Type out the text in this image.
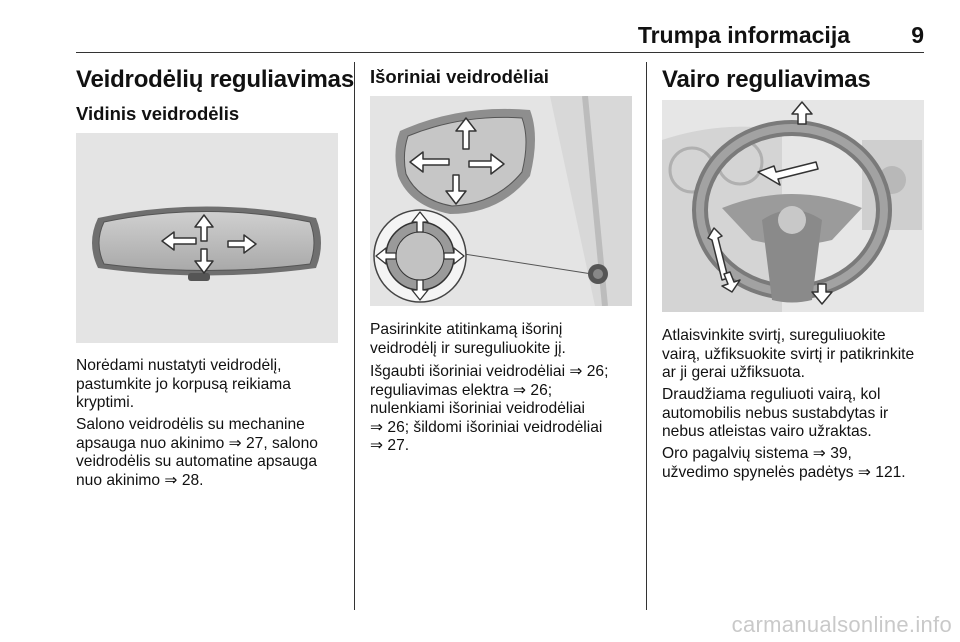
Trumpa informacija	9
Veidrodėlių reguliavimas
Vidinis veidrodėlis

Norėdami nustatyti veidrodėlį,
pastumkite jo korpusą reikiama
kryptimi.

Salono veidrodėlis su mechanine
apsauga nuo akinimo ⇒ 27, salono
veidrodėlis su automatine apsauga
nuo akinimo ⇒ 28.

Išoriniai veidrodėliai

Pasirinkite atitinkamą išorinį
veidrodėlį ir sureguliuokite jį.

Išgaubti išoriniai veidrodėliai ⇒ 26;
reguliavimas elektra ⇒ 26;
nulenkiami išoriniai veidrodėliai
⇒ 26; šildomi išoriniai veidrodėliai
⇒ 27.

Vairo reguliavimas

Atlaisvinkite svirtį, sureguliuokite
vairą, užfiksuokite svirtį ir patikrinkite
ar ji gerai užfiksuota.

Draudžiama reguliuoti vairą, kol
automobilis nebus sustabdytas ir
nebus atleistas vairo užraktas.

Oro pagalvių sistema ⇒ 39,
užvedimo spynelės padėtys ⇒ 121.

carmanualsonline.info
